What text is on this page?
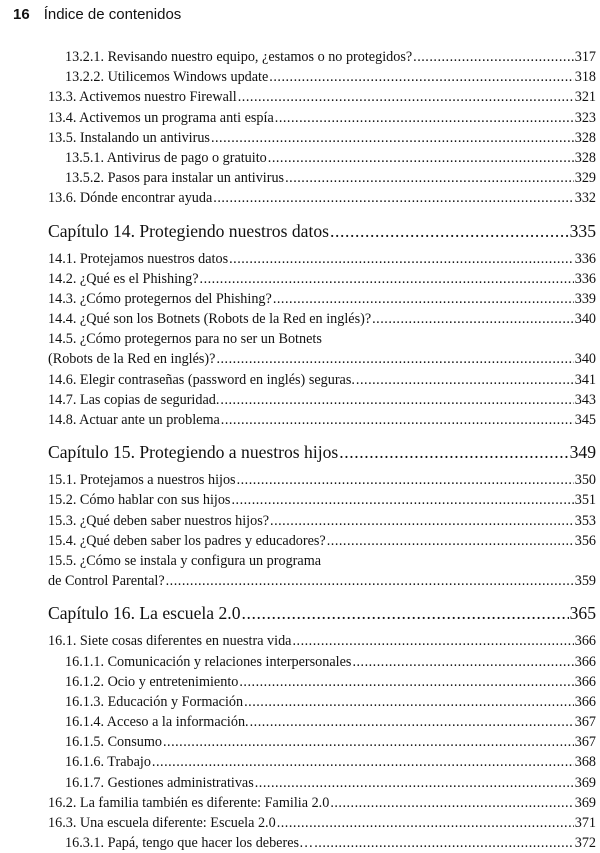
16 Índice de contenidos
13.2.1. Revisando nuestro equipo, ¿estamos o no protegidos? .....	317
13.2.2. Utilicemos Windows update .....	318
13.3. Activemos nuestro Firewall .....	321
13.4. Activemos un programa anti espía .....	323
13.5. Instalando un antivirus .....	328
13.5.1. Antivirus de pago o gratuito .....	328
13.5.2. Pasos para instalar un antivirus .....	329
13.6. Dónde encontrar ayuda .....	332
Capítulo 14. Protegiendo nuestros datos .....	335
14.1. Protejamos nuestros datos .....	336
14.2. ¿Qué es el Phishing? .....	336
14.3. ¿Cómo protegernos del Phishing? .....	339
14.4. ¿Qué son los Botnets (Robots de la Red en inglés)? .....	340
14.5. ¿Cómo protegernos para no ser un Botnets
(Robots de la Red en inglés)? .....	340
14.6. Elegir contraseñas (password en inglés) seguras. .....	341
14.7. Las copias de seguridad. .....	343
14.8. Actuar ante un problema .....	345
Capítulo 15. Protegiendo a nuestros hijos .....	349
15.1. Protejamos a nuestros hijos .....	350
15.2. Cómo hablar con sus hijos .....	351
15.3. ¿Qué deben saber nuestros hijos? .....	353
15.4. ¿Qué deben saber los padres y educadores? .....	356
15.5. ¿Cómo se instala y configura un programa
de Control Parental? .....	359
Capítulo 16. La escuela 2.0 .....	365
16.1. Siete cosas diferentes en nuestra vida .....	366
16.1.1. Comunicación y relaciones interpersonales .....	366
16.1.2. Ocio y entretenimiento .....	366
16.1.3. Educación y Formación .....	366
16.1.4. Acceso a la información. .....	367
16.1.5. Consumo .....	367
16.1.6. Trabajo .....	368
16.1.7. Gestiones administrativas .....	369
16.2. La familia también es diferente: Familia 2.0 .....	369
16.3. Una escuela diferente: Escuela 2.0 .....	371
16.3.1. Papá, tengo que hacer los deberes… .....	372
